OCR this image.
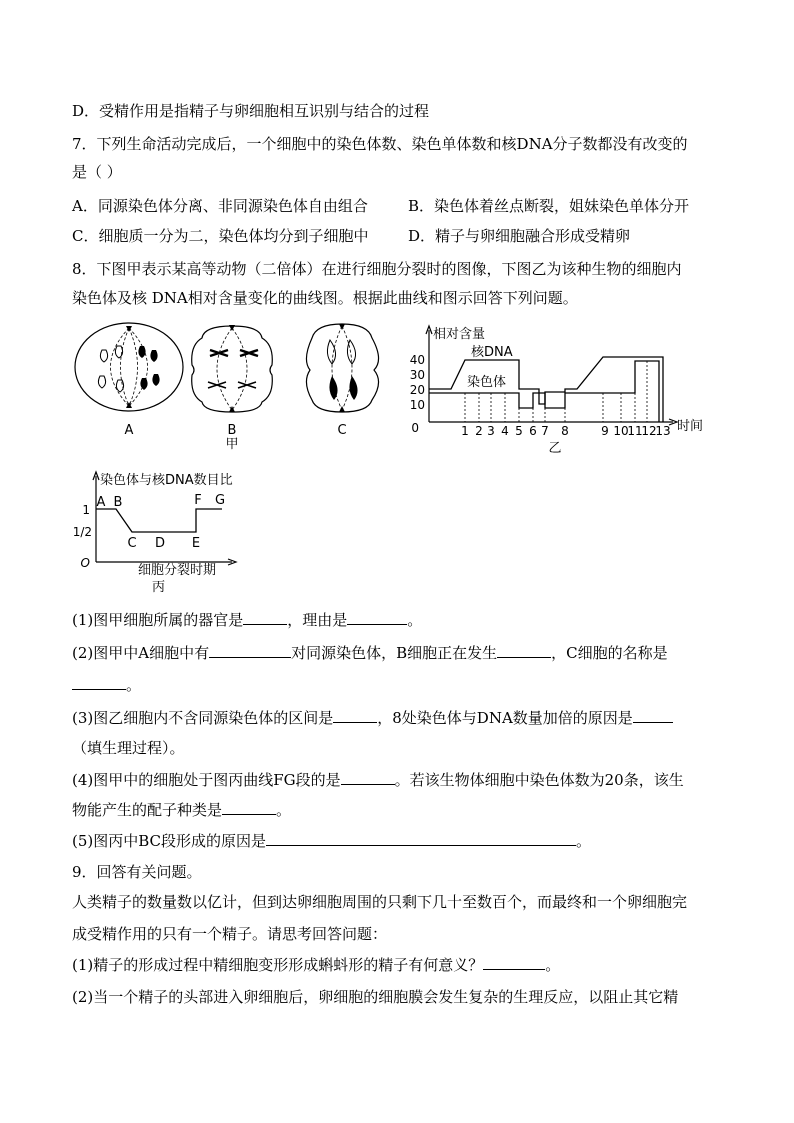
D．受精作用是指精子与卵细胞相互识别与结合的过程
7．下列生命活动完成后，一个细胞中的染色体数、染色单体数和核DNA分子数都没有改变的
是（ ）
A．同源染色体分离、非同源染色体自由组合	B．染色体着丝点断裂，姐妹染色单体分开
C．细胞质一分为二，染色体均分到子细胞中	D．精子与卵细胞融合形成受精卵
8．下图甲表示某高等动物（二倍体）在进行细胞分裂时的图像，下图乙为该种生物的细胞内
染色体及核 DNA相对含量变化的曲线图。根据此曲线和图示回答下列问题。
A	B	C
甲
相对含量
时间
40
30
20
10
0
核DNA
染色体
1 2 3 4 5 6 7 8	9 10
11
12
13
乙
染色体与核DNA数目比
细胞分裂时期
丙
1
1/2
O
A B
C D E
F G
(1)图甲细胞所属的器官是	，理由是	。
(2)图甲中A细胞中有	对同源染色体，B细胞正在发生	，C细胞的名称是
。
(3)图乙细胞内不含同源染色体的区间是	，8处染色体与DNA数量加倍的原因是
（填生理过程）。
(4)图甲中的细胞处于图丙曲线FG段的是	。若该生物体细胞中染色体数为20条，该生
物能产生的配子种类是	。
(5)图丙中BC段形成的原因是	。
9．回答有关问题。
人类精子的数量数以亿计，但到达卵细胞周围的只剩下几十至数百个，而最终和一个卵细胞完
成受精作用的只有一个精子。请思考回答问题：
(1)精子的形成过程中精细胞变形形成蝌蚪形的精子有何意义？	。
(2)当一个精子的头部进入卵细胞后，卵细胞的细胞膜会发生复杂的生理反应，以阻止其它精
